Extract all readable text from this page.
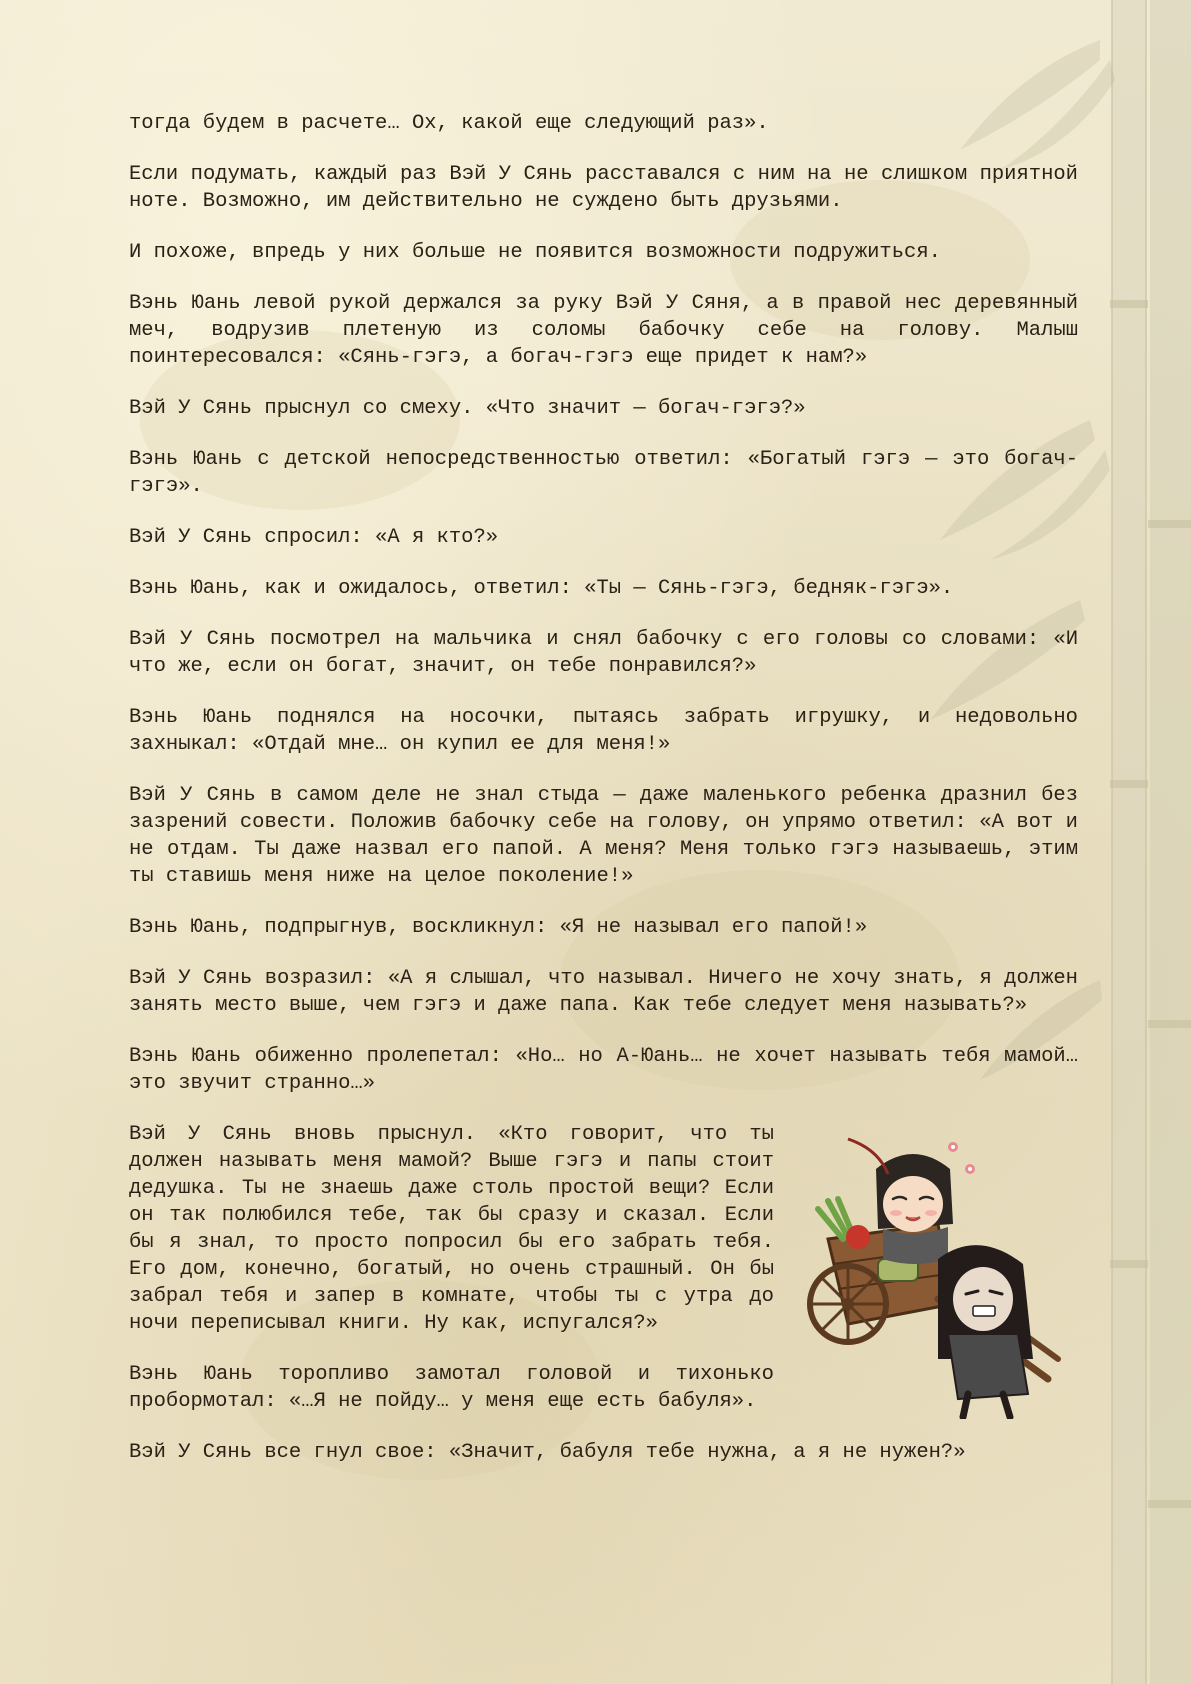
тогда будем в расчете… Ох, какой еще следующий раз».

Если подумать, каждый раз Вэй У Сянь расставался с ним на не слишком приятной ноте. Возможно, им действительно не суждено быть друзьями.

И похоже, впредь у них больше не появится возможности подружиться.

Вэнь Юань левой рукой держался за руку Вэй У Сяня, а в правой нес деревянный меч, водрузив плетеную из соломы бабочку себе на голову. Малыш поинтересовался: «Сянь-гэгэ, а богач-гэгэ еще придет к нам?»

Вэй У Сянь прыснул со смеху. «Что значит — богач-гэгэ?»

Вэнь Юань с детской непосредственностью ответил: «Богатый гэгэ — это богач-гэгэ».

Вэй У Сянь спросил: «А я кто?»

Вэнь Юань, как и ожидалось, ответил: «Ты — Сянь-гэгэ, бедняк-гэгэ».

Вэй У Сянь посмотрел на мальчика и снял бабочку с его головы со словами: «И что же, если он богат, значит, он тебе понравился?»

Вэнь Юань поднялся на носочки, пытаясь забрать игрушку, и недовольно захныкал: «Отдай мне… он купил ее для меня!»

Вэй У Сянь в самом деле не знал стыда — даже маленького ребенка дразнил без зазрений совести. Положив бабочку себе на голову, он упрямо ответил: «А вот и не отдам. Ты даже назвал его папой. А меня? Меня только гэгэ называешь, этим ты ставишь меня ниже на целое поколение!»

Вэнь Юань, подпрыгнув, воскликнул: «Я не называл его папой!»

Вэй У Сянь возразил: «А я слышал, что называл. Ничего не хочу знать, я должен занять место выше, чем гэгэ и даже папа. Как тебе следует меня называть?»

Вэнь Юань обиженно пролепетал: «Но… но А-Юань… не хочет называть тебя мамой… это звучит странно…»

Вэй У Сянь вновь прыснул. «Кто говорит, что ты должен называть меня мамой? Выше гэгэ и папы стоит дедушка. Ты не знаешь даже столь простой вещи? Если он так полюбился тебе, так бы сразу и сказал. Если бы я знал, то просто попросил бы его забрать тебя. Его дом, конечно, богатый, но очень страшный. Он бы забрал тебя и запер в комнате, чтобы ты с утра до ночи переписывал книги. Ну как, испугался?»

Вэнь Юань торопливо замотал головой и тихонько пробормотал: «…Я не пойду… у меня еще есть бабуля».

Вэй У Сянь все гнул свое: «Значит, бабуля тебе нужна, а я не нужен?»
